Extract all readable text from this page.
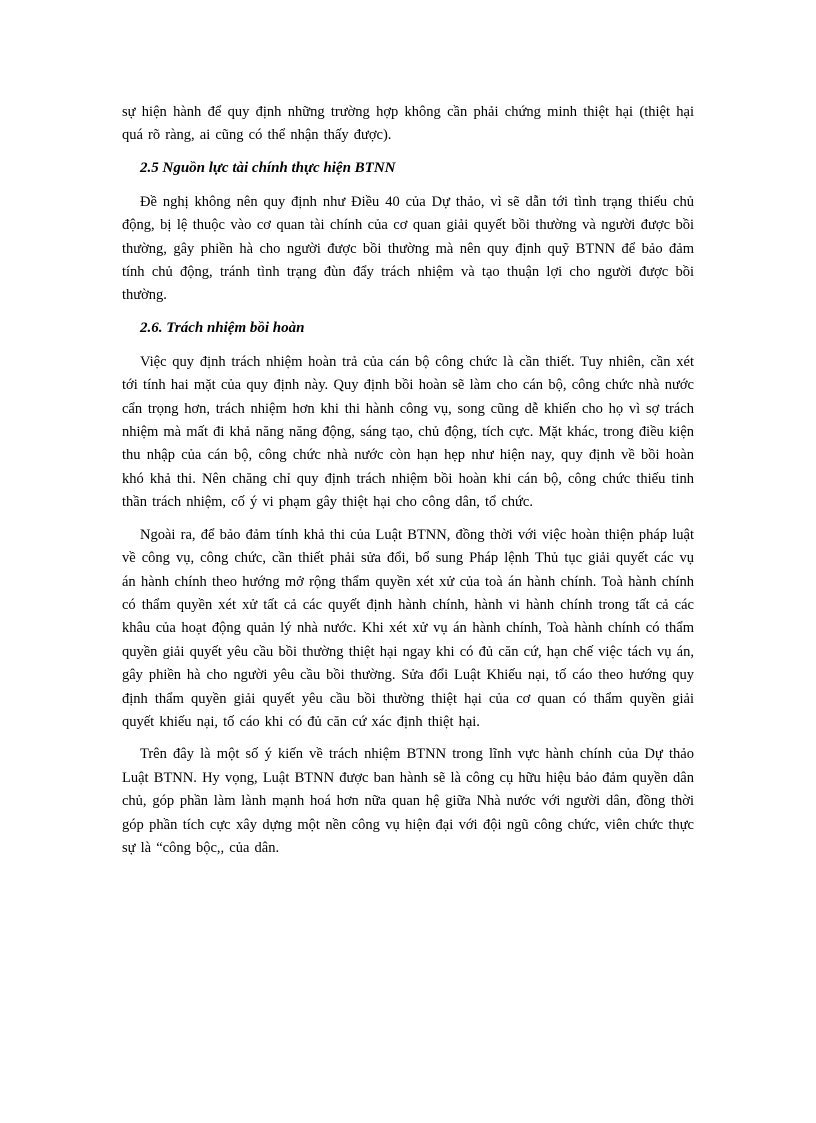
sự hiện hành để quy định những trường hợp không cần phải chứng minh thiệt hại (thiệt hại quá rõ ràng, ai cũng có thể nhận thấy được).

2.5 Nguồn lực tài chính thực hiện BTNN

Đề nghị không nên quy định như Điều 40 của Dự thảo, vì sẽ dẫn tới tình trạng thiếu chủ động, bị lệ thuộc vào cơ quan tài chính của cơ quan giải quyết bồi thường và người được bồi thường, gây phiền hà cho người được bồi thường mà nên quy định quỹ BTNN để bảo đảm tính chủ động, tránh tình trạng đùn đẩy trách nhiệm và tạo thuận lợi cho người được bồi thường.

2.6. Trách nhiệm bồi hoàn

Việc quy định trách nhiệm hoàn trả của cán bộ công chức là cần thiết. Tuy nhiên, cần xét tới tính hai mặt của quy định này. Quy định bồi hoàn sẽ làm cho cán bộ, công chức nhà nước cẩn trọng hơn, trách nhiệm hơn khi thi hành công vụ, song cũng dễ khiến cho họ vì sợ trách nhiệm mà mất đi khả năng năng động, sáng tạo, chủ động, tích cực. Mặt khác, trong điều kiện thu nhập của cán bộ, công chức nhà nước còn hạn hẹp như hiện nay, quy định về bồi hoàn khó khả thi. Nên chăng chỉ quy định trách nhiệm bồi hoàn khi cán bộ, công chức thiếu tinh thần trách nhiệm, cố ý vi phạm gây thiệt hại cho công dân, tổ chức.

Ngoài ra, để bảo đảm tính khả thi của Luật BTNN, đồng thời với việc hoàn thiện pháp luật về công vụ, công chức, cần thiết phải sửa đổi, bổ sung Pháp lệnh Thủ tục giải quyết các vụ án hành chính theo hướng mở rộng thẩm quyền xét xử của toà án hành chính. Toà hành chính có thẩm quyền xét xử tất cả các quyết định hành chính, hành vi hành chính trong tất cả các khâu của hoạt động quản lý nhà nước. Khi xét xử vụ án hành chính, Toà hành chính có thẩm quyền giải quyết yêu cầu bồi thường thiệt hại ngay khi có đủ căn cứ, hạn chế việc tách vụ án, gây phiền hà cho người yêu cầu bồi thường. Sửa đổi Luật Khiếu nại, tố cáo theo hướng quy định thẩm quyền giải quyết yêu cầu bồi thường thiệt hại của cơ quan có thẩm quyền giải quyết khiếu nại, tố cáo khi có đủ căn cứ xác định thiệt hại.

Trên đây là một số ý kiến về trách nhiệm BTNN trong lĩnh vực hành chính của Dự thảo Luật BTNN. Hy vọng, Luật BTNN được ban hành sẽ là công cụ hữu hiệu bảo đảm quyền dân chủ, góp phần làm lành mạnh hoá hơn nữa quan hệ giữa Nhà nước với người dân, đồng thời góp phần tích cực xây dựng một nền công vụ hiện đại với đội ngũ công chức, viên chức thực sự là “công bộc,, của dân.
